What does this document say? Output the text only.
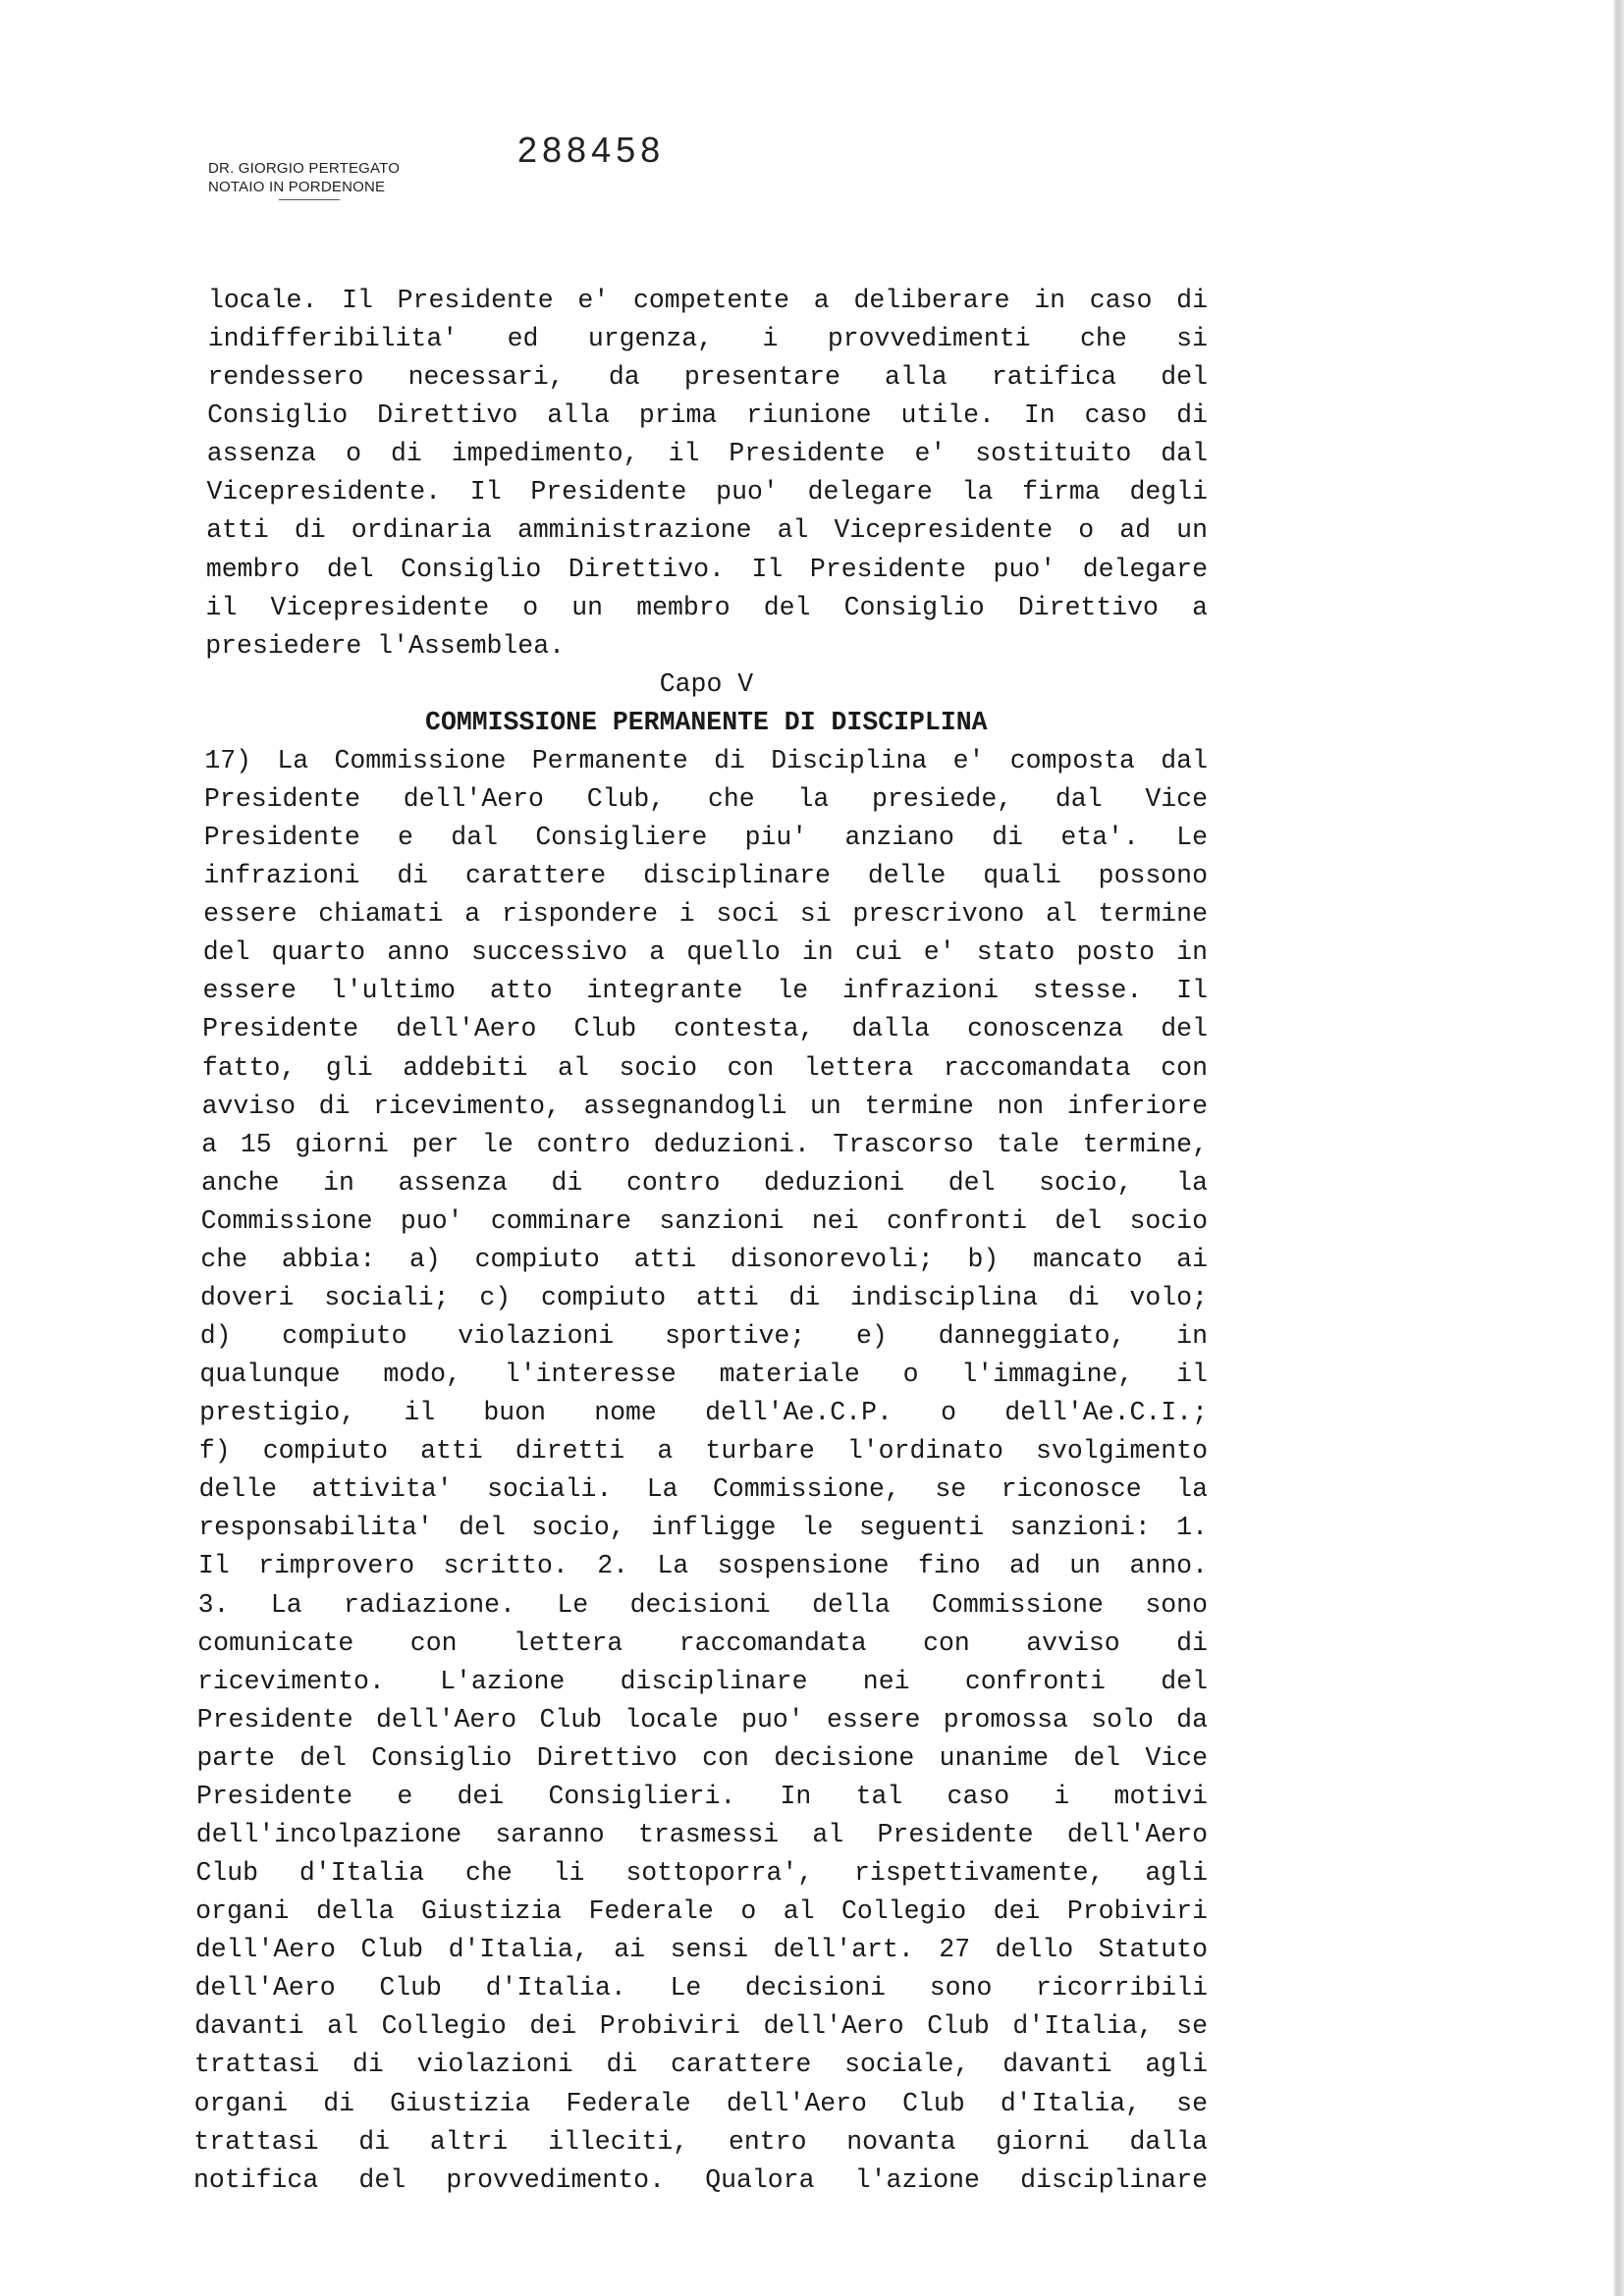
DR. GIORGIO PERTEGATO
NOTAIO IN PORDENONE
288458
locale. Il Presidente e' competente a deliberare in caso di
indifferibilita' ed urgenza, i provvedimenti che si
rendessero necessari, da presentare alla ratifica del
Consiglio Direttivo alla prima riunione utile. In caso di
assenza o di impedimento, il Presidente e' sostituito dal
Vicepresidente. Il Presidente puo' delegare la firma degli
atti di ordinaria amministrazione al Vicepresidente o ad un
membro del Consiglio Direttivo. Il Presidente puo' delegare
il Vicepresidente o un membro del Consiglio Direttivo a
presiedere l'Assemblea.
Capo V
COMMISSIONE PERMANENTE DI DISCIPLINA
17) La Commissione Permanente di Disciplina e' composta dal
Presidente dell'Aero Club, che la presiede, dal Vice
Presidente e dal Consigliere piu' anziano di eta'. Le
infrazioni di carattere disciplinare delle quali possono
essere chiamati a rispondere i soci si prescrivono al termine
del quarto anno successivo a quello in cui e' stato posto in
essere l'ultimo atto integrante le infrazioni stesse. Il
Presidente dell'Aero Club contesta, dalla conoscenza del
fatto, gli addebiti al socio con lettera raccomandata con
avviso di ricevimento, assegnandogli un termine non inferiore
a 15 giorni per le contro deduzioni. Trascorso tale termine,
anche in assenza di contro deduzioni del socio, la
Commissione puo' comminare sanzioni nei confronti del socio
che abbia: a) compiuto atti disonorevoli; b) mancato ai
doveri sociali; c) compiuto atti di indisciplina di volo;
d) compiuto violazioni sportive; e) danneggiato, in
qualunque modo, l'interesse materiale o l'immagine, il
prestigio, il buon nome dell'Ae.C.P. o dell'Ae.C.I.;
f) compiuto atti diretti a turbare l'ordinato svolgimento
delle attivita' sociali. La Commissione, se riconosce la
responsabilita' del socio, infligge le seguenti sanzioni: 1.
Il rimprovero scritto. 2. La sospensione fino ad un anno.
3. La radiazione. Le decisioni della Commissione sono
comunicate con lettera raccomandata con avviso di
ricevimento. L'azione disciplinare nei confronti del
Presidente dell'Aero Club locale puo' essere promossa solo da
parte del Consiglio Direttivo con decisione unanime del Vice
Presidente e dei Consiglieri. In tal caso i motivi
dell'incolpazione saranno trasmessi al Presidente dell'Aero
Club d'Italia che li sottoporra', rispettivamente, agli
organi della Giustizia Federale o al Collegio dei Probiviri
dell'Aero Club d'Italia, ai sensi dell'art. 27 dello Statuto
dell'Aero Club d'Italia. Le decisioni sono ricorribili
davanti al Collegio dei Probiviri dell'Aero Club d'Italia, se
trattasi di violazioni di carattere sociale, davanti agli
organi di Giustizia Federale dell'Aero Club d'Italia, se
trattasi di altri illeciti, entro novanta giorni dalla
notifica del provvedimento. Qualora l'azione disciplinare
